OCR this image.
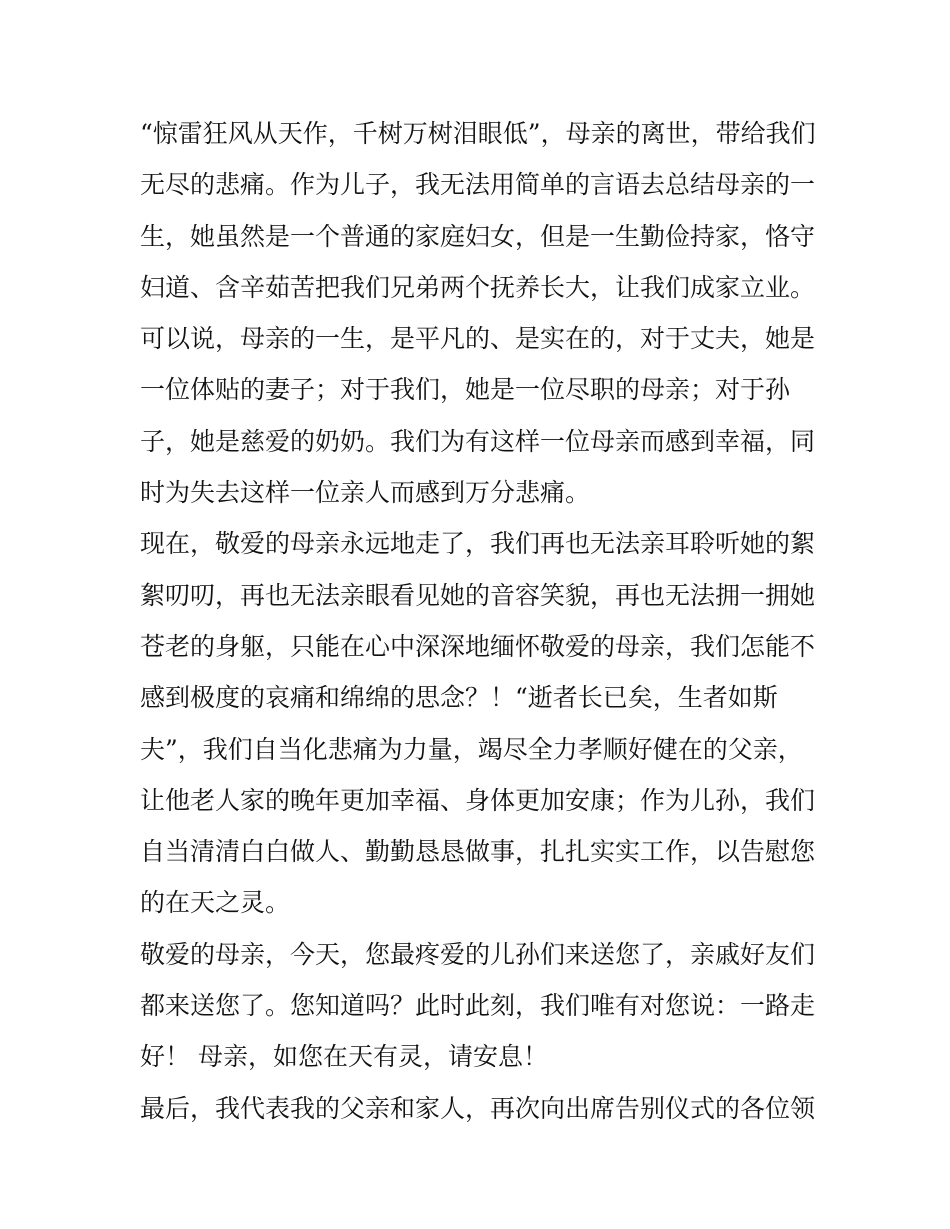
“惊雷狂风从天作，千树万树泪眼低”，母亲的离世，带给我们
无尽的悲痛。作为儿子，我无法用简单的言语去总结母亲的一
生，她虽然是一个普通的家庭妇女，但是一生勤俭持家，恪守
妇道、含辛茹苦把我们兄弟两个抚养长大，让我们成家立业。
可以说，母亲的一生，是平凡的、是实在的，对于丈夫，她是
一位体贴的妻子；对于我们，她是一位尽职的母亲；对于孙
子，她是慈爱的奶奶。我们为有这样一位母亲而感到幸福，同
时为失去这样一位亲人而感到万分悲痛。
现在，敬爱的母亲永远地走了，我们再也无法亲耳聆听她的絮
絮叨叨，再也无法亲眼看见她的音容笑貌，再也无法拥一拥她
苍老的身躯，只能在心中深深地缅怀敬爱的母亲，我们怎能不
感到极度的哀痛和绵绵的思念？！“逝者长已矣，生者如斯
夫”，我们自当化悲痛为力量，竭尽全力孝顺好健在的父亲，
让他老人家的晚年更加幸福、身体更加安康；作为儿孙，我们
自当清清白白做人、勤勤恳恳做事，扎扎实实工作，以告慰您
的在天之灵。
敬爱的母亲，今天，您最疼爱的儿孙们来送您了，亲戚好友们
都来送您了。您知道吗？此时此刻，我们唯有对您说：一路走
好！ 母亲，如您在天有灵，请安息！
最后，我代表我的父亲和家人，再次向出席告别仪式的各位领
